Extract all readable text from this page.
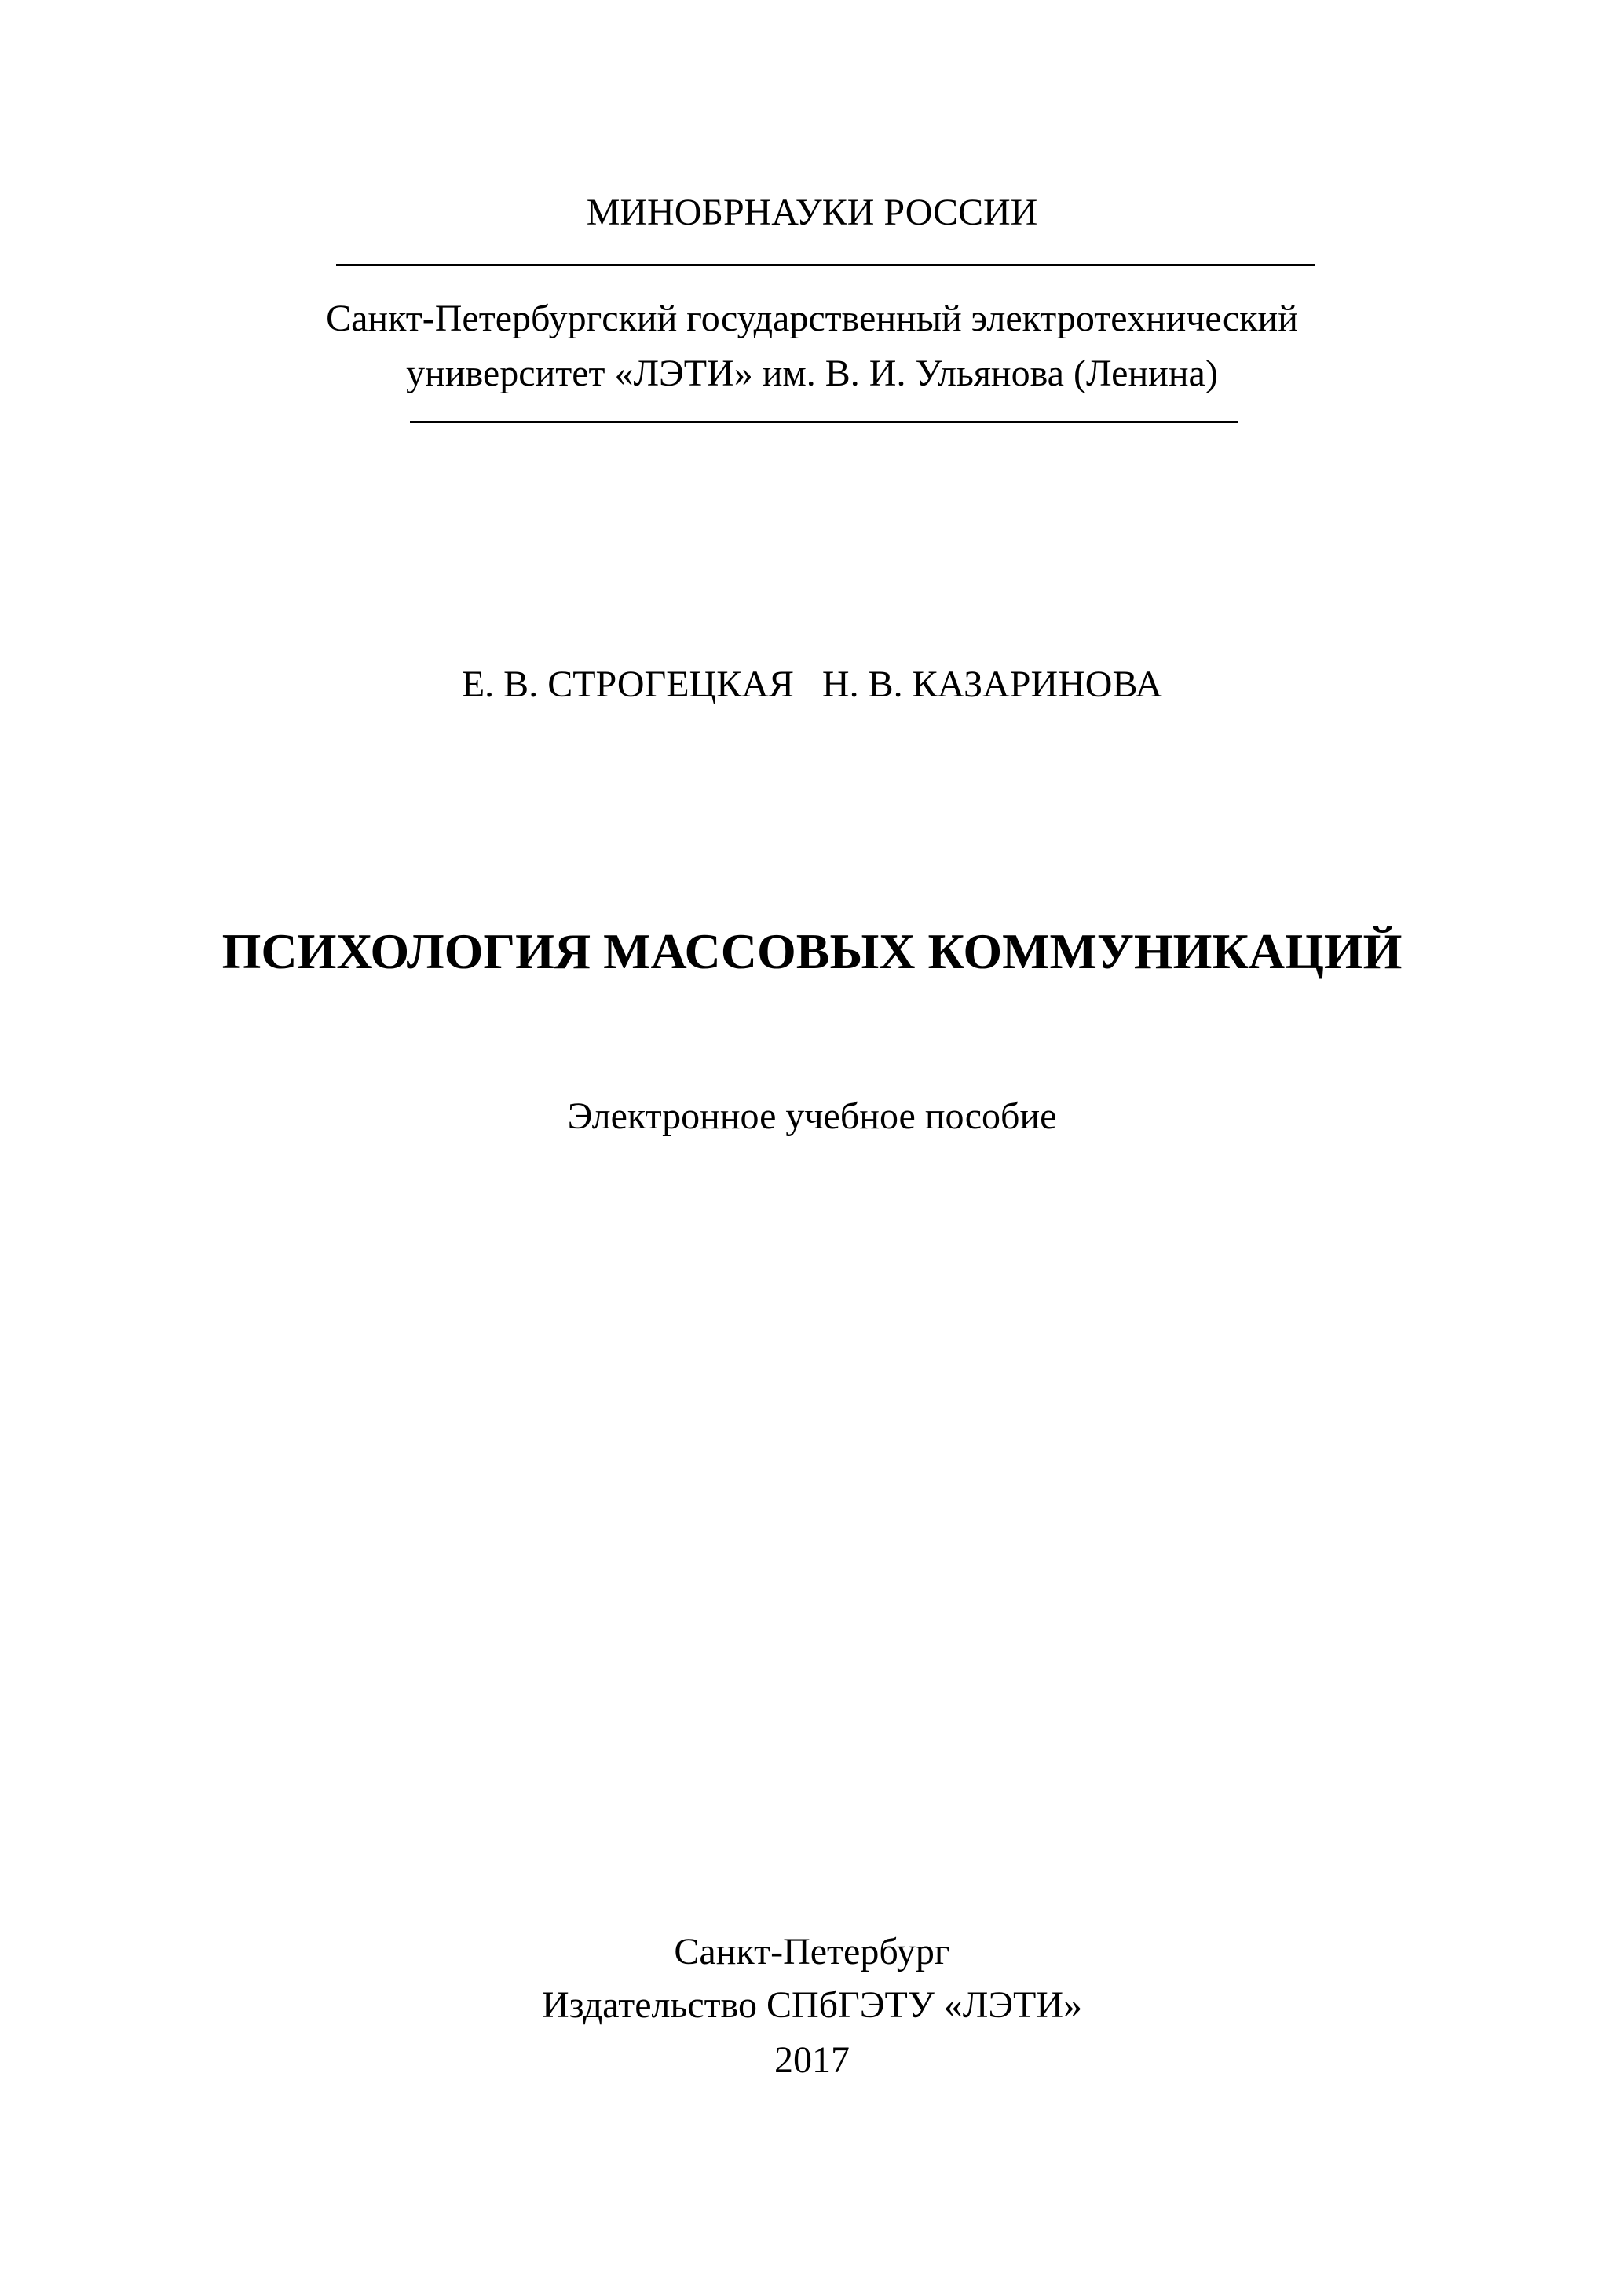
МИНОБРНАУКИ РОССИИ
Санкт-Петербургский государственный электротехнический
университет «ЛЭТИ» им. В. И. Ульянова (Ленина)
Е. В. СТРОГЕЦКАЯ   Н. В. КАЗАРИНОВА
ПСИХОЛОГИЯ МАССОВЫХ КОММУНИКАЦИЙ
Электронное учебное пособие
Санкт-Петербург
Издательство СПбГЭТУ «ЛЭТИ»
2017
